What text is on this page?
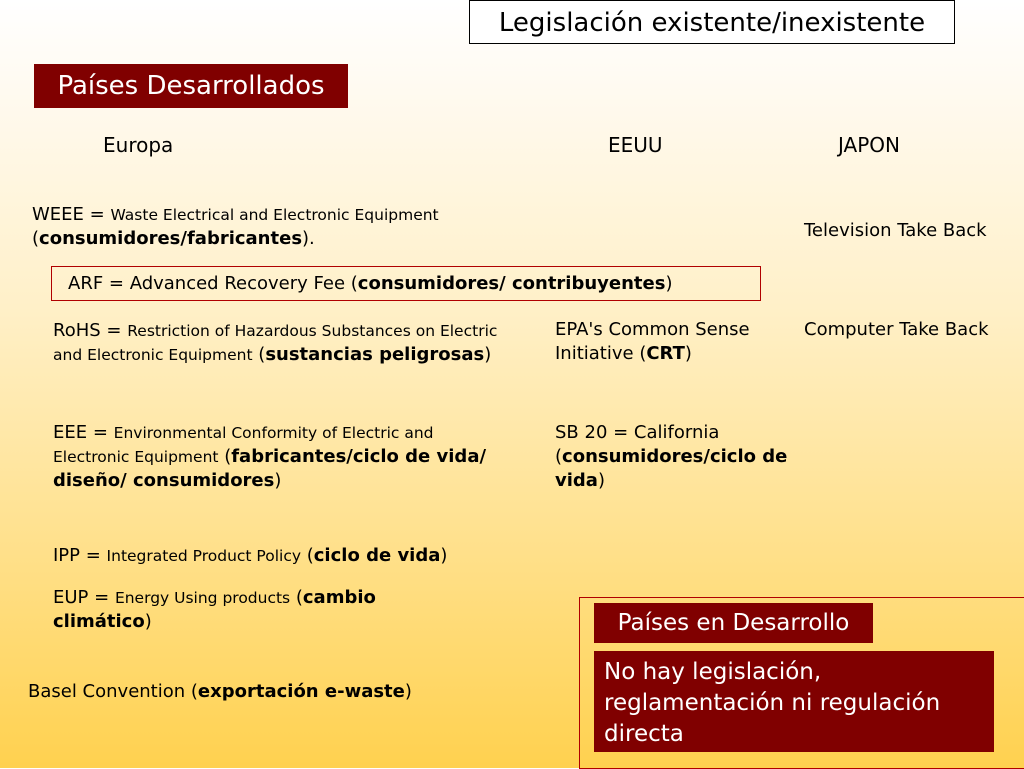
Legislación existente/inexistente
Países Desarrollados
Europa	EEUU	JAPON
WEEE = Waste Electrical and Electronic Equipment
(consumidores/fabricantes).
ARF = Advanced Recovery Fee (consumidores/ contribuyentes)
RoHS = Restriction of Hazardous Substances on Electric and Electronic Equipment (sustancias peligrosas)
EEE = Environmental Conformity of Electric and Electronic Equipment (fabricantes/ciclo de vida/ diseño/ consumidores)
IPP = Integrated Product Policy (ciclo de vida)
EUP = Energy Using products (cambio climático)
Basel Convention (exportación e-waste)
EPA's Common Sense Initiative (CRT)
SB 20 = California (consumidores/ciclo de vida)
Television Take Back
Computer Take Back
Países en Desarrollo
No hay legislación, reglamentación ni regulación directa
